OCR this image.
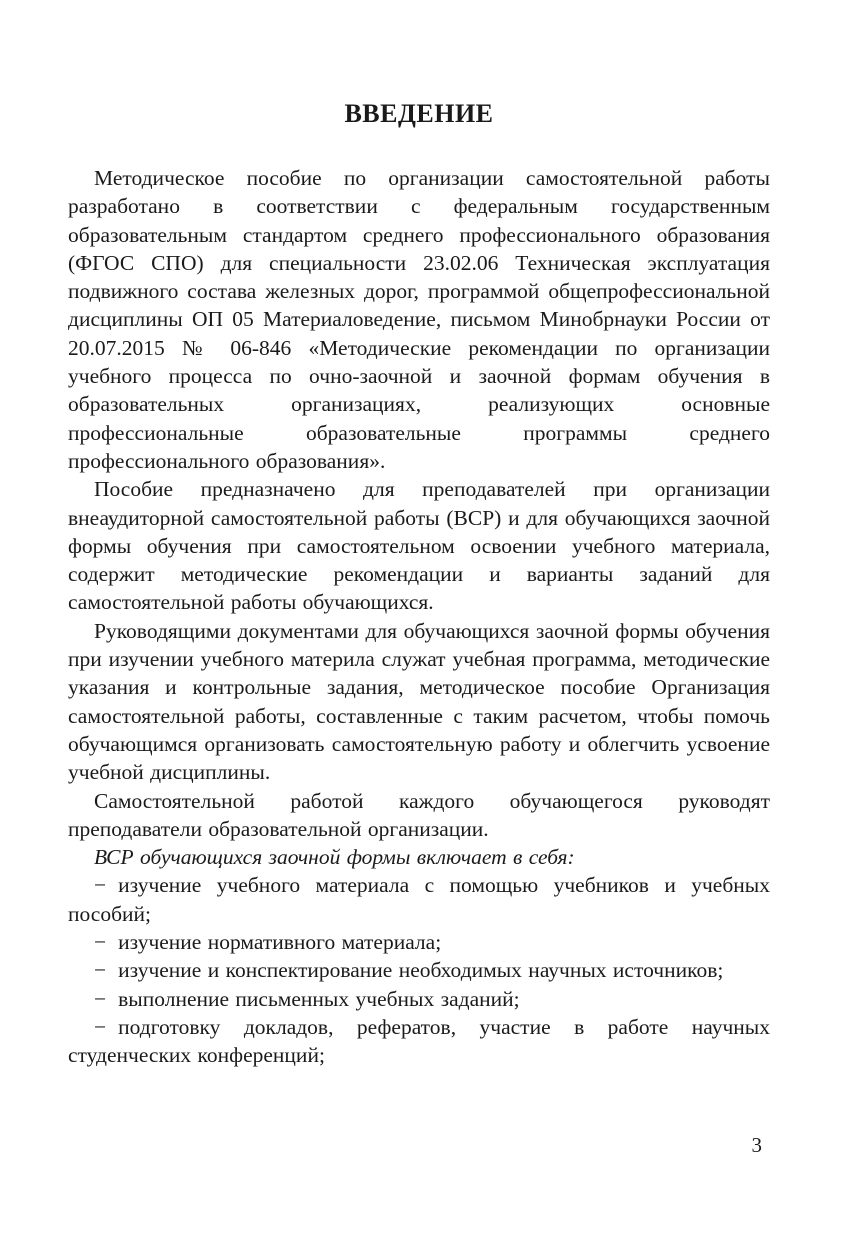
ВВЕДЕНИЕ

Методическое пособие по организации самостоятельной работы разработано в соответствии с федеральным государственным образовательным стандартом среднего профессионального образования (ФГОС СПО) для специальности 23.02.06 Техническая эксплуатация подвижного состава железных дорог, программой общепрофессиональной дисциплины ОП 05 Материаловедение, письмом Минобрнауки России от 20.07.2015 № 06-846 «Методические рекомендации по организации учебного процесса по очно-заочной и заочной формам обучения в образовательных организациях, реализующих основные профессиональные образовательные программы среднего профессионального образования».

Пособие предназначено для преподавателей при организации внеаудиторной самостоятельной работы (ВСР) и для обучающихся заочной формы обучения при самостоятельном освоении учебного материала, содержит методические рекомендации и варианты заданий для самостоятельной работы обучающихся.

Руководящими документами для обучающихся заочной формы обучения при изучении учебного материла служат учебная программа, методические указания и контрольные задания, методическое пособие Организация самостоятельной работы, составленные с таким расчетом, чтобы помочь обучающимся организовать самостоятельную работу и облегчить усвоение учебной дисциплины.

Самостоятельной работой каждого обучающегося руководят преподаватели образовательной организации.

ВСР обучающихся заочной формы включает в себя:

− изучение учебного материала с помощью учебников и учебных пособий;

− изучение нормативного материала;

− изучение и конспектирование необходимых научных источников;

− выполнение письменных учебных заданий;

− подготовку докладов, рефератов, участие в работе научных студенческих конференций;

3
